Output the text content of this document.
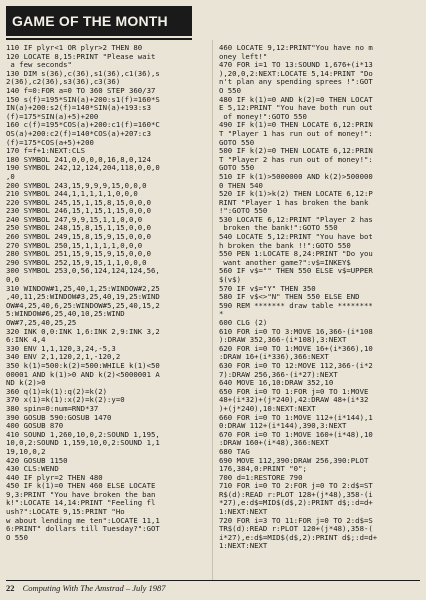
GAME OF THE MONTH
110 IF plyr<1 OR plyr>2 THEN 80
120 LOCATE 8,15:PRINT "Please wait
a few seconds"
130 DIM s(36),c(36),s1(36),c1(36),s
2(36),c2(36),s3(36),c3(36)
140 f=0:FOR a=0 TO 360 STEP 360/37
150 s(f)=195*SIN(a)+200:s1(f)=160*S
IN(a)+200:s2(f)=140*SIN(a)+193:s3
(f)=175*SIN(a)+5)+200
160 c(f)=195*COS(a)+200:c1(f)=160*C
OS(a)+200:c2(f)=140*COS(a)+207:c3
(f)=175*COS(a+5)+200
170 f=f+1:NEXT:CLS
180 SYMBOL 241,0,0,0,0,16,8,0,124
190 SYMBOL 242,12,124,204,118,0,0,0
,0
200 SYMBOL 243,15,9,9,9,15,0,0,0
210 SYMBOL 244,1,1,1,1,1,0,0,0
220 SYMBOL 245,15,1,15,8,15,0,0,0
230 SYMBOL 246,15,1,15,1,15,0,0,0
240 SYMBOL 247,9,9,15,1,1,0,0,0
250 SYMBOL 248,15,8,15,1,15,0,0,0
260 SYMBOL 249,15,8,15,9,15,0,0,0
270 SYMBOL 250,15,1,1,1,1,0,0,0
280 SYMBOL 251,15,9,15,9,15,0,0,0
290 SYMBOL 252,15,9,15,1,1,0,0,0
300 SYMBOL 253,0,56,124,124,124,56,
0,0
310 WINDOW#1,25,40,1,25:WINDOW#2,25
,40,11,25:WINDOW#3,25,40,19,25:WIND
OW#4,25,40,6,25:WINDOW#5,25,40,15,2
5:WINDOW#6,25,40,10,25:WIND
OW#7,25,40,25,25
320 INK 0,0:INK 1,6:INK 2,9:INK 3,2
6:INK 4,4
330 ENV 1,1,120,3,24,-5,3
340 ENV 2,1,120,2,1,-120,2
350 k(1)=500:k(2)=500:WHILE k(1)<50
00001 AND k(1)>0 AND k(2)<5000001 A
ND k(2)>0
360 q(1)=k(1):q(2)=k(2)
370 x(1)=k(1):x(2)=k(2):y=0
380 spin=0:num=RND*37
390 GOSUB 590:GOSUB 1470
400 GOSUB 870
410 SOUND 1,260,10,0,2:SOUND 1,195,
10,0,2:SOUND 1,159,10,0,2:SOUND 1,1
19,10,0,2
420 GOSUB 1150
430 CLS:WEND
440 IF plyr=2 THEN 480
450 IF k(1)=0 THEN 460 ELSE LOCATE
9,3:PRINT "You have broken the ban
k!":LOCATE 14,14:PRINT "Feeling fl
ush?":LOCATE 9,15:PRINT "Ho
w about lending me ten":LOCATE 11,1
6:PRINT" dollars till Tuesday?":GOT
O 550
460 LOCATE 9,12:PRINT"You have no m
oney left!"
470 FOR i=1 TO 13:SOUND 1,676+(i*13
),20,0,2:NEXT:LOCATE 5,14:PRINT "Do
n't plan any spending sprees !":GOT
O 550
480 IF k(1)=0 AND k(2)=0 THEN LOCAT
E 5,12:PRINT "You have both run out
of money!":GOTO 550
490 IF k(1)=0 THEN LOCATE 6,12:PRIN
T "Player 1 has run out of money!":
GOTO 550
500 IF k(2)=0 THEN LOCATE 6,12:PRIN
T "Player 2 has run out of money!":
GOTO 550
510 IF k(1)>5000000 AND k(2)>500000
0 THEN 540
520 IF k(1)>k(2) THEN LOCATE 6,12:P
RINT "Player 1 has broken the bank
!":GOTO 550
530 LOCATE 6,12:PRINT "Player 2 has
broken the bank!":GOTO 550
540 LOCATE 5,12:PRINT "You have bot
h broken the bank !!":GOTO 550
550 PEN 1:LOCATE 8,24:PRINT "Do you
want another game?":v$=INKEY$
560 IF v$="" THEN 550 ELSE v$=UPPER
$(v$)
570 IF v$="Y" THEN 350
580 IF v$<>"N" THEN 550 ELSE END
590 REM ******* draw table ********
*
600 CLG (2)
610 FOR i=0 TO 3:MOVE 16,366-(i*108
):DRAW 352,366-(i*108),3:NEXT
620 FOR i=0 TO 1:MOVE 16+(i*366),10
:DRAW 16+(i*336),366:NEXT
630 FOR i=0 TO 12:MOVE 112,366-(i*2
7):DRAW 256,366-(i*27):NEXT
640 MOVE 16,10:DRAW 352,10
650 FOR i=0 TO 1:FOR j=0 TO 1:MOVE
48+(i*32)+(j*240),42:DRAW 48+(i*32
)+(j*240),10:NEXT:NEXT
660 FOR i=0 TO 1:MOVE 112+(i*144),1
0:DRAW 112+(i*144),390,3:NEXT
670 FOR i=0 TO 1:MOVE 160+(i*48),10
:DRAW 160+(i*48),366:NEXT
680 TAG
690 MOVE 112,390:DRAW 256,390:PLOT
176,384,0:PRINT "0";
700 d=1:RESTORE 790
710 FOR i=0 TO 2:FOR j=0 TO 2:d$=ST
R$(d):READ r:PLOT 128+(j*48),358-(i
*27),e:d$=MID$(d$,2):PRINT d$;:d=d+
1:NEXT:NEXT
720 FOR i=3 TO 11:FOR j=0 TO 2:d$=S
TR$(d):READ r:PLOT 120+(j*48),358-(
i*27),e:d$=MID$(d$,2):PRINT d$;:d=d+
1:NEXT:NEXT
22 Computing With The Amstrad – July 1987
